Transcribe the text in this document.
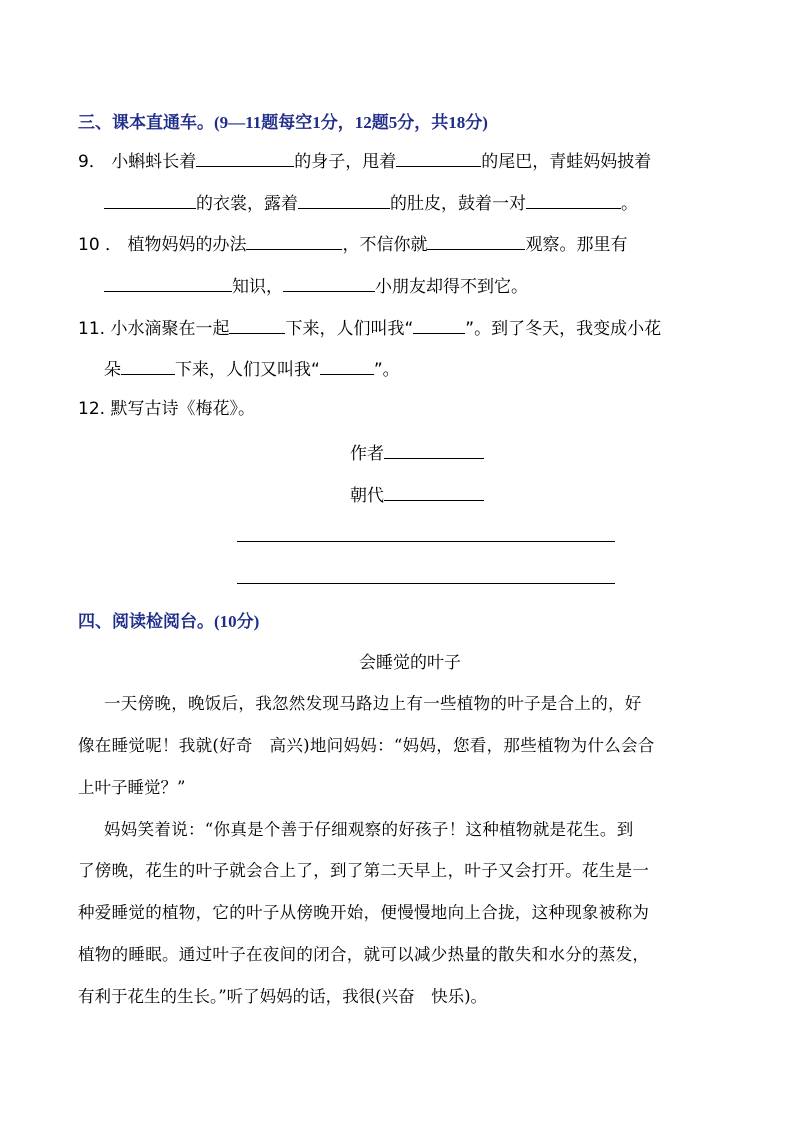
三、课本直通车。(9—11题每空1分，12题5分，共18分)
9． 小蝌蚪长着	的身子，甩着	的尾巴，青蛙妈妈披着
的衣裳，露着	的肚皮，鼓着一对	。
10 ． 植物妈妈的办法	，不信你就	观察。那里有
知识，	小朋友却得不到它。
11. 小水滴聚在一起	下来，人们叫我“	”。到了冬天，我变成小花
朵	下来，人们又叫我“	”。
12. 默写古诗《梅花》。
作者
朝代
四、阅读检阅台。(10分)
会睡觉的叶子
一天傍晚，晚饭后，我忽然发现马路边上有一些植物的叶子是合上的，好
像在睡觉呢！我就(好奇　高兴)地问妈妈：“妈妈，您看，那些植物为什么会合
上叶子睡觉？”
妈妈笑着说：“你真是个善于仔细观察的好孩子！这种植物就是花生。到
了傍晚，花生的叶子就会合上了，到了第二天早上，叶子又会打开。花生是一
种爱睡觉的植物，它的叶子从傍晚开始，便慢慢地向上合拢，这种现象被称为
植物的睡眠。通过叶子在夜间的闭合，就可以减少热量的散失和水分的蒸发，
有利于花生的生长。”听了妈妈的话，我很(兴奋　快乐)。
